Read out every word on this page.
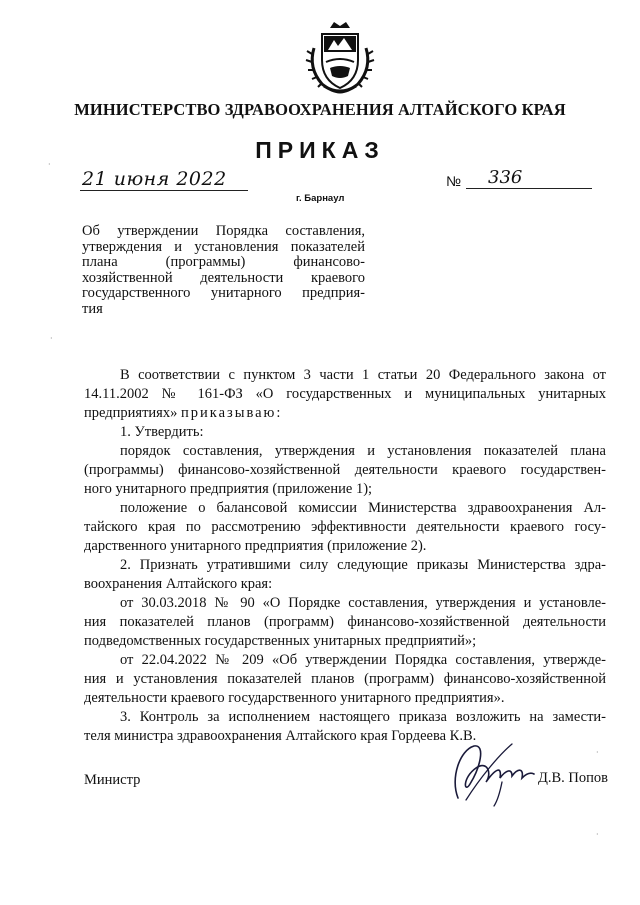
МИНИСТЕРСТВО ЗДРАВООХРАНЕНИЯ АЛТАЙСКОГО КРАЯ
ПРИКАЗ
21 июня 2022
г. Барнаул
№ 336
Об утверждении Порядка составления,
утверждения и установления показателей
плана (программы) финансово-
хозяйственной деятельности краевого
государственного унитарного предприя-
тия
В соответствии с пунктом 3 части 1 статьи 20 Федерального закона от
14.11.2002 № 161-ФЗ «О государственных и муниципальных унитарных
предприятиях» приказываю:
1. Утвердить:
порядок составления, утверждения и установления показателей плана
(программы) финансово-хозяйственной деятельности краевого государствен-
ного унитарного предприятия (приложение 1);
положение о балансовой комиссии Министерства здравоохранения Ал-
тайского края по рассмотрению эффективности деятельности краевого госу-
дарственного унитарного предприятия (приложение 2).
2. Признать утратившими силу следующие приказы Министерства здра-
воохранения Алтайского края:
от 30.03.2018 № 90 «О Порядке составления, утверждения и установле-
ния показателей планов (программ) финансово-хозяйственной деятельности
подведомственных государственных унитарных предприятий»;
от 22.04.2022 № 209 «Об утверждении Порядка составления, утвержде-
ния и установления показателей планов (программ) финансово-хозяйственной
деятельности краевого государственного унитарного предприятия».
3. Контроль за исполнением настоящего приказа возложить на замести-
теля министра здравоохранения Алтайского края Гордеева К.В.
Министр	Д.В. Попов
·
·
·
·
